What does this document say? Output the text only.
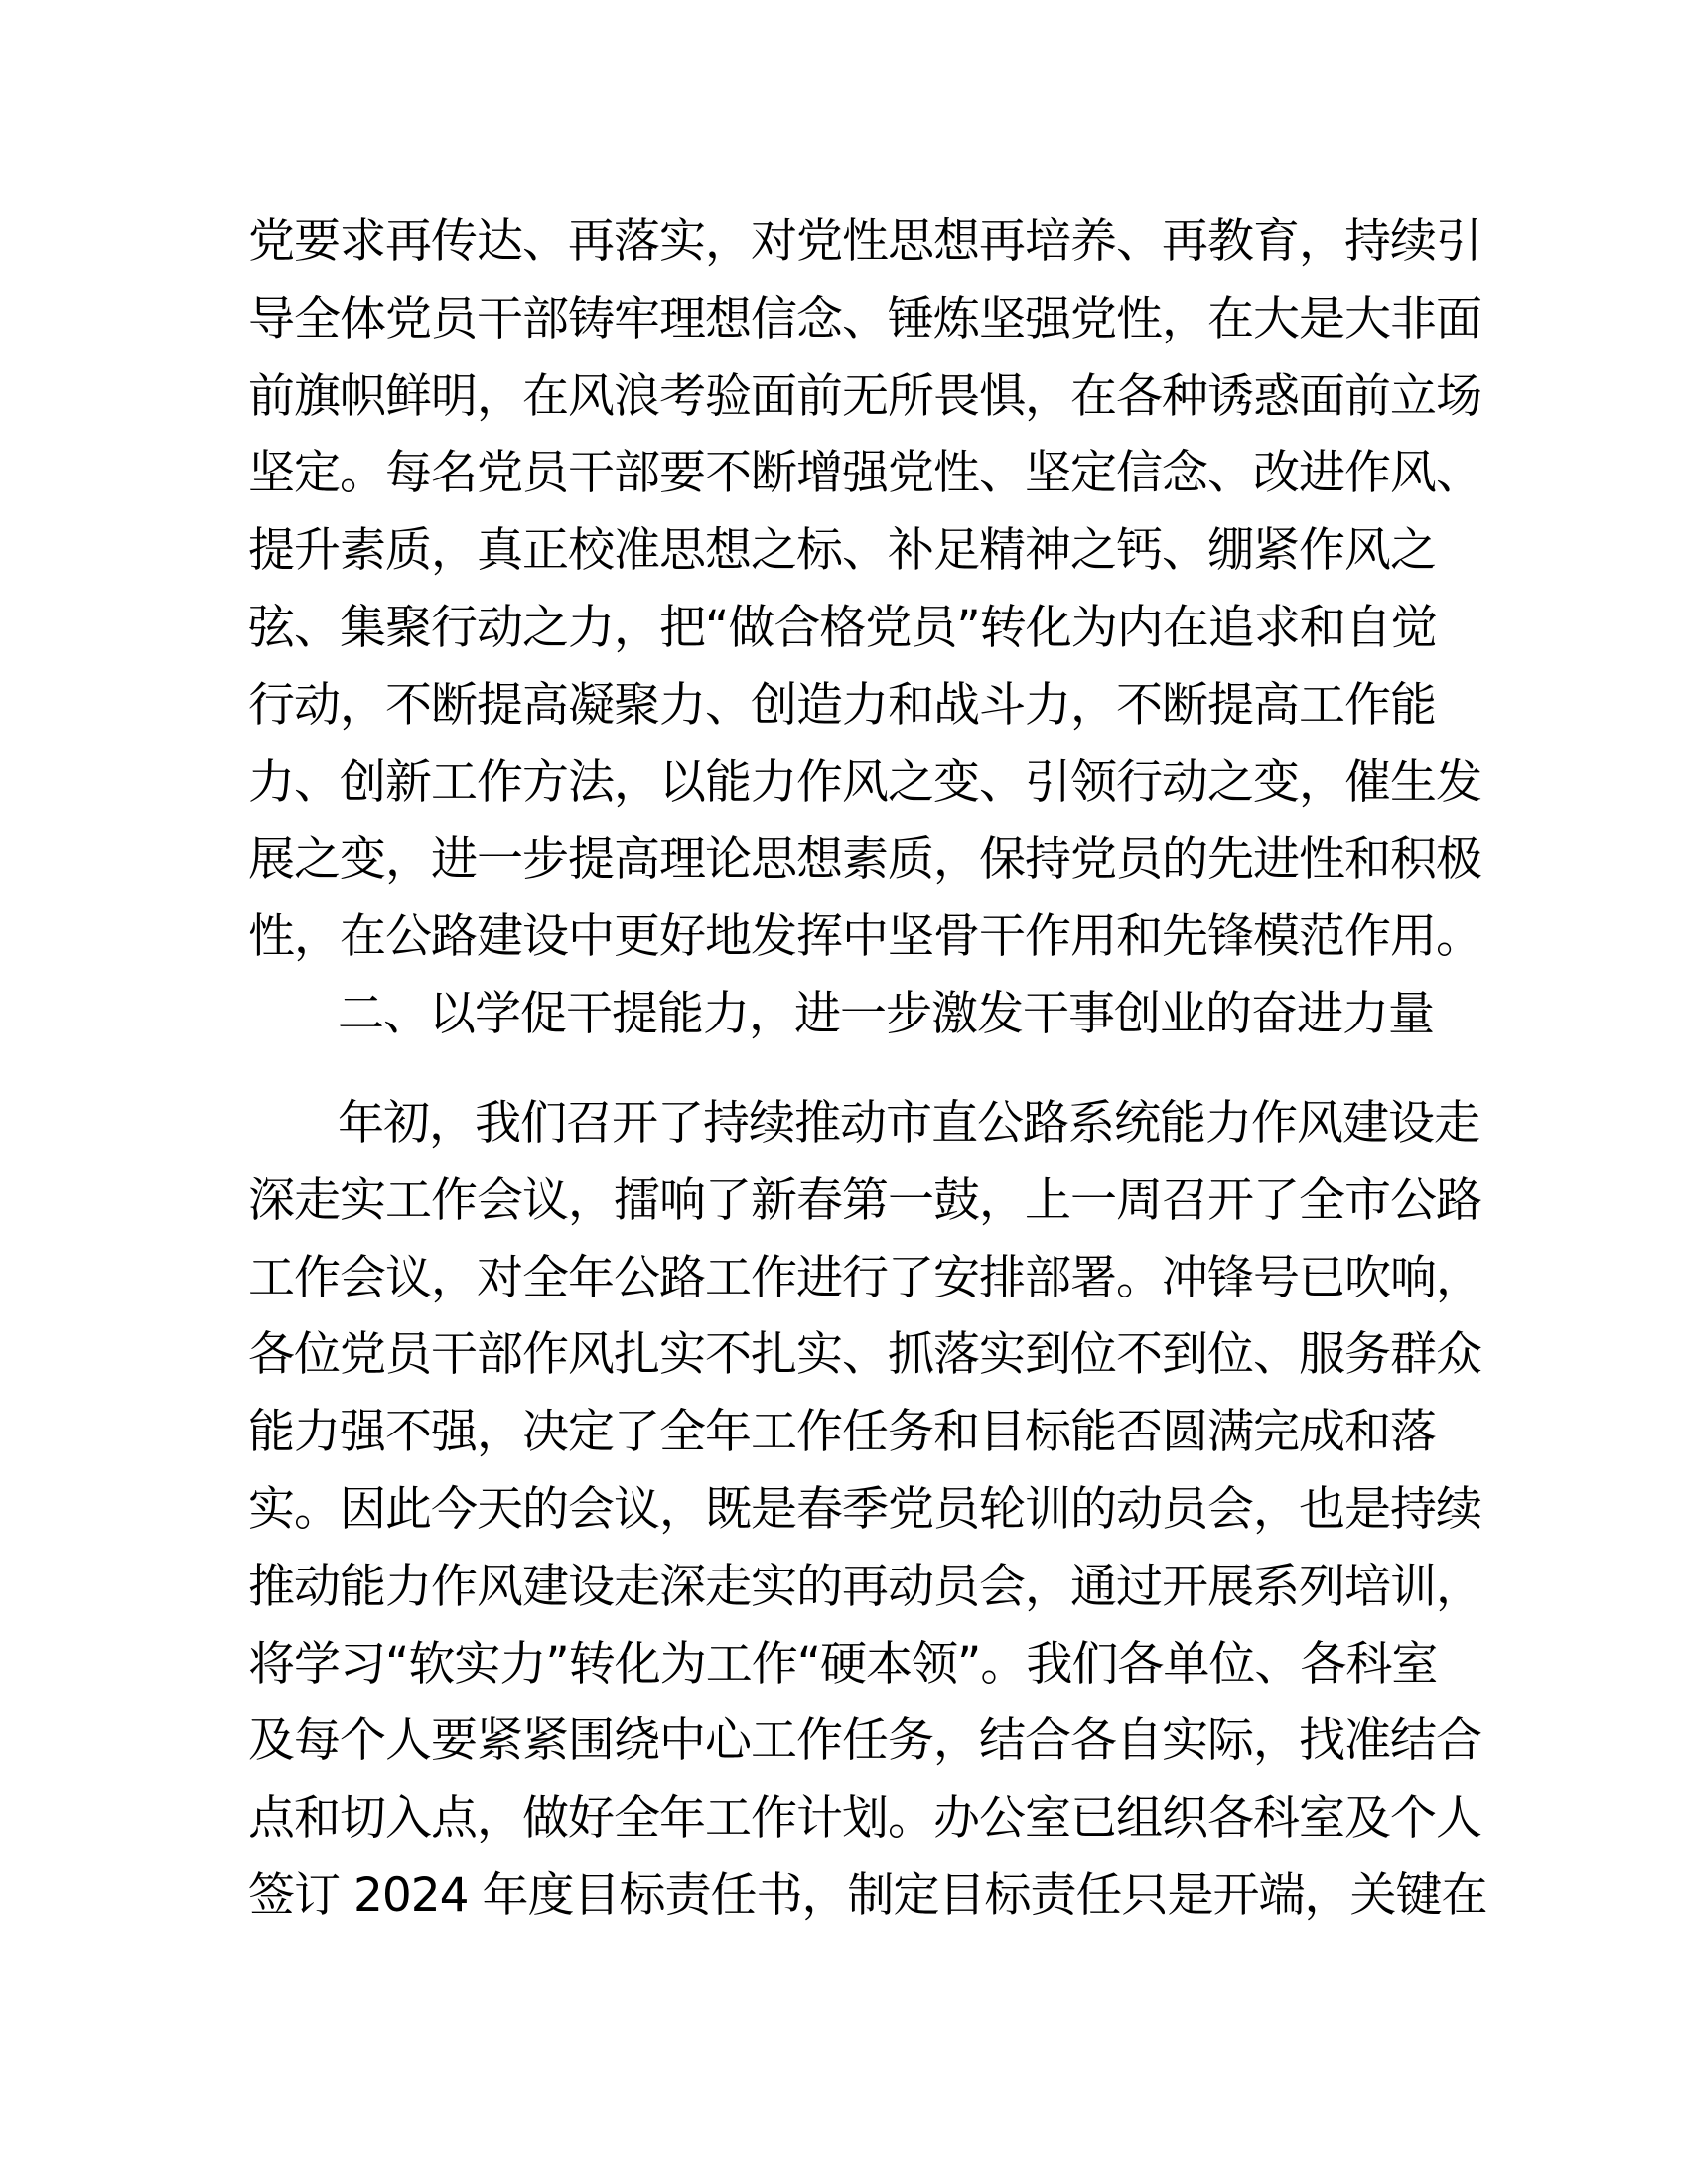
党要求再传达、再落实，对党性思想再培养、再教育，持续引
导全体党员干部铸牢理想信念、锤炼坚强党性，在大是大非面
前旗帜鲜明，在风浪考验面前无所畏惧，在各种诱惑面前立场
坚定。每名党员干部要不断增强党性、坚定信念、改进作风、
提升素质，真正校准思想之标、补足精神之钙、绷紧作风之
弦、集聚行动之力，把“做合格党员”转化为内在追求和自觉
行动，不断提高凝聚力、创造力和战斗力，不断提高工作能
力、创新工作方法，以能力作风之变、引领行动之变，催生发
展之变，进一步提高理论思想素质，保持党员的先进性和积极
性，在公路建设中更好地发挥中坚骨干作用和先锋模范作用。
二、以学促干提能力，进一步激发干事创业的奋进力量
年初，我们召开了持续推动市直公路系统能力作风建设走
深走实工作会议，擂响了新春第一鼓，上一周召开了全市公路
工作会议，对全年公路工作进行了安排部署。冲锋号已吹响，
各位党员干部作风扎实不扎实、抓落实到位不到位、服务群众
能力强不强，决定了全年工作任务和目标能否圆满完成和落
实。因此今天的会议，既是春季党员轮训的动员会，也是持续
推动能力作风建设走深走实的再动员会，通过开展系列培训，
将学习“软实力”转化为工作“硬本领”。我们各单位、各科室
及每个人要紧紧围绕中心工作任务，结合各自实际，找准结合
点和切入点，做好全年工作计划。办公室已组织各科室及个人
签订 2024 年度目标责任书，制定目标责任只是开端，关键在
